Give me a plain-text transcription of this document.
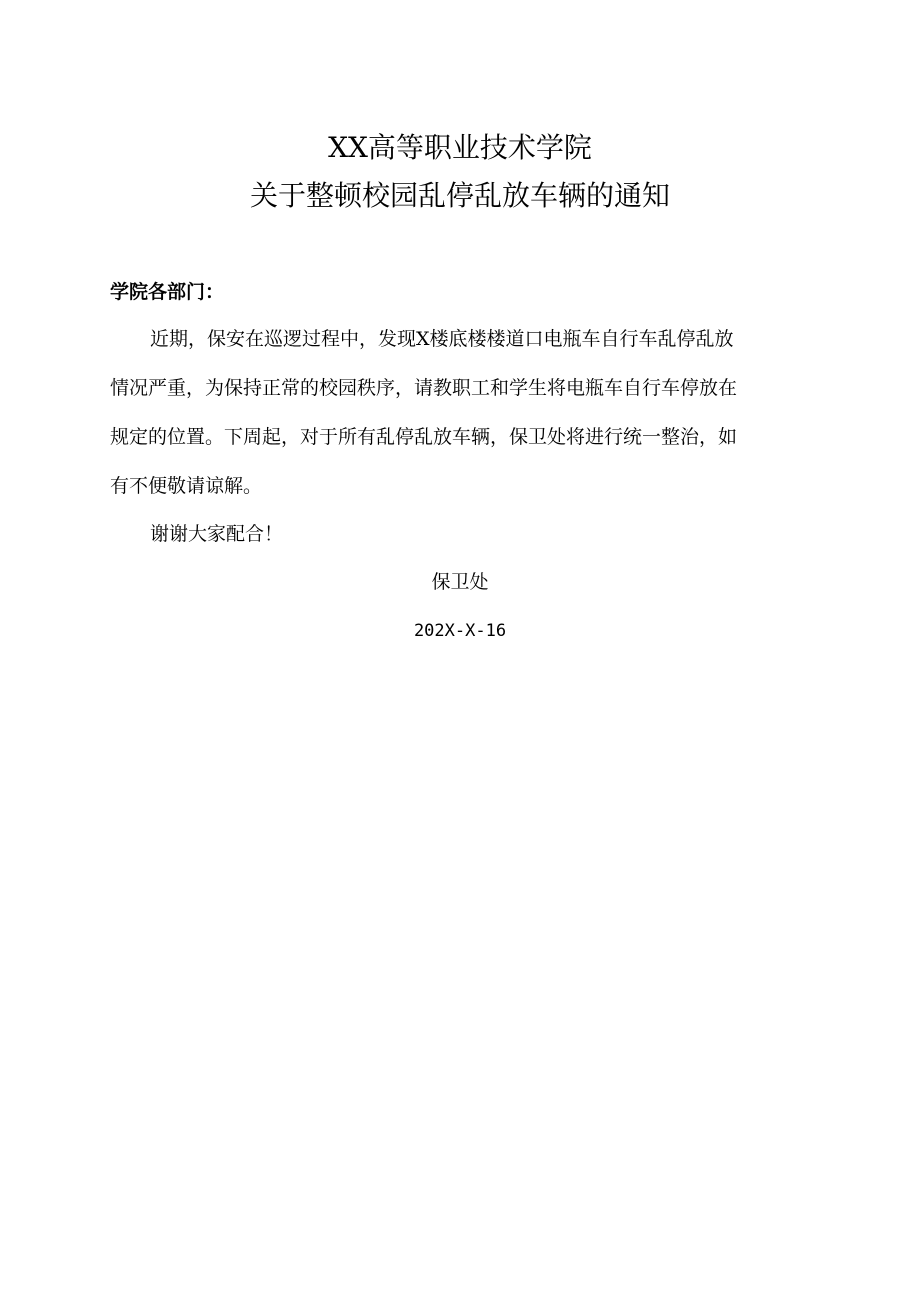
XX高等职业技术学院
关于整顿校园乱停乱放车辆的通知
学院各部门：
近期，保安在巡逻过程中，发现X楼底楼楼道口电瓶车自行车乱停乱放
情况严重，为保持正常的校园秩序，请教职工和学生将电瓶车自行车停放在
规定的位置。下周起，对于所有乱停乱放车辆，保卫处将进行统一整治，如
有不便敬请谅解。
谢谢大家配合！
保卫处
202X-X-16
